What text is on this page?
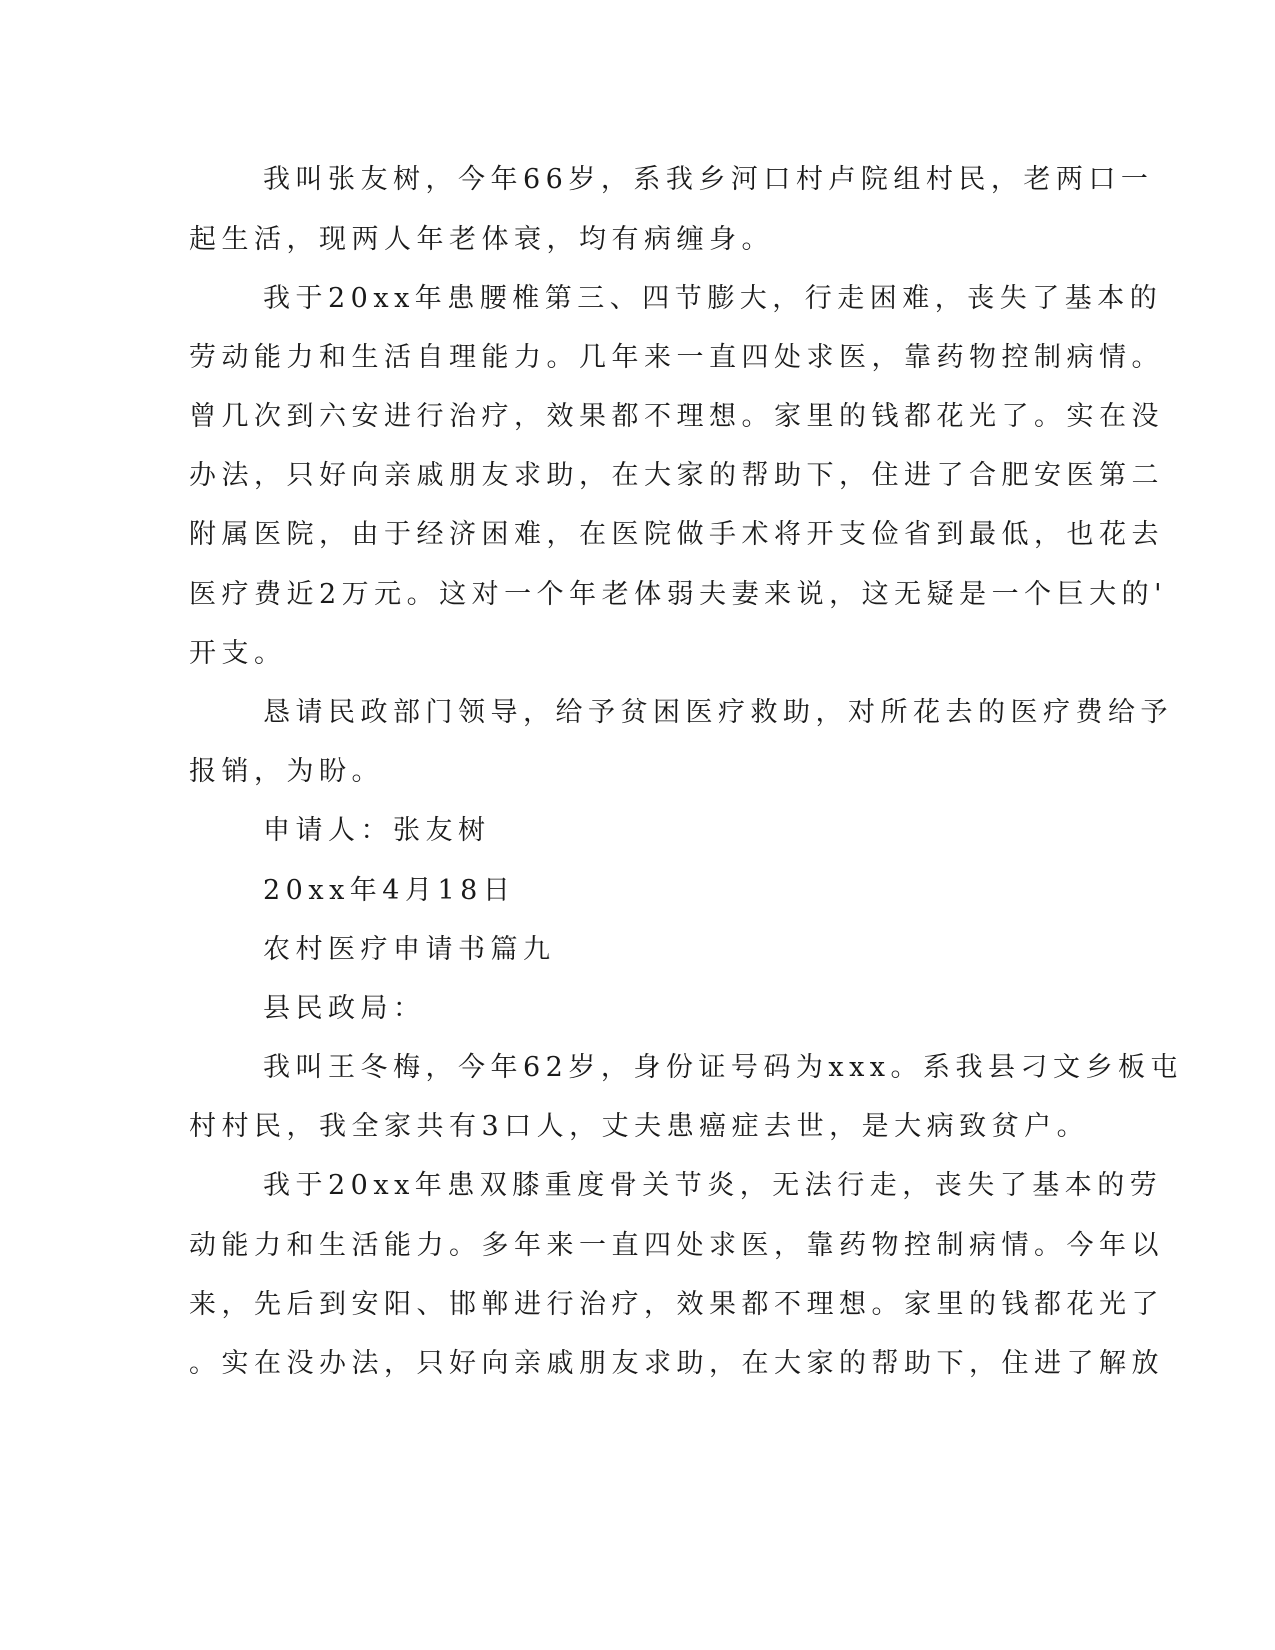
我叫张友树，今年66岁，系我乡河口村卢院组村民，老两口一

起生活，现两人年老体衰，均有病缠身。

我于20xx年患腰椎第三、四节膨大，行走困难，丧失了基本的

劳动能力和生活自理能力。几年来一直四处求医，靠药物控制病情。

曾几次到六安进行治疗，效果都不理想。家里的钱都花光了。实在没

办法，只好向亲戚朋友求助，在大家的帮助下，住进了合肥安医第二

附属医院，由于经济困难，在医院做手术将开支俭省到最低，也花去

医疗费近2万元。这对一个年老体弱夫妻来说，这无疑是一个巨大的'

开支。

恳请民政部门领导，给予贫困医疗救助，对所花去的医疗费给予

报销，为盼。

申请人：张友树

20xx年4月18日

农村医疗申请书篇九

县民政局：

我叫王冬梅，今年62岁，身份证号码为xxx。系我县刁文乡板屯

村村民，我全家共有3口人，丈夫患癌症去世，是大病致贫户。

我于20xx年患双膝重度骨关节炎，无法行走，丧失了基本的劳

动能力和生活能力。多年来一直四处求医，靠药物控制病情。今年以

来，先后到安阳、邯郸进行治疗，效果都不理想。家里的钱都花光了

。实在没办法，只好向亲戚朋友求助，在大家的帮助下，住进了解放
